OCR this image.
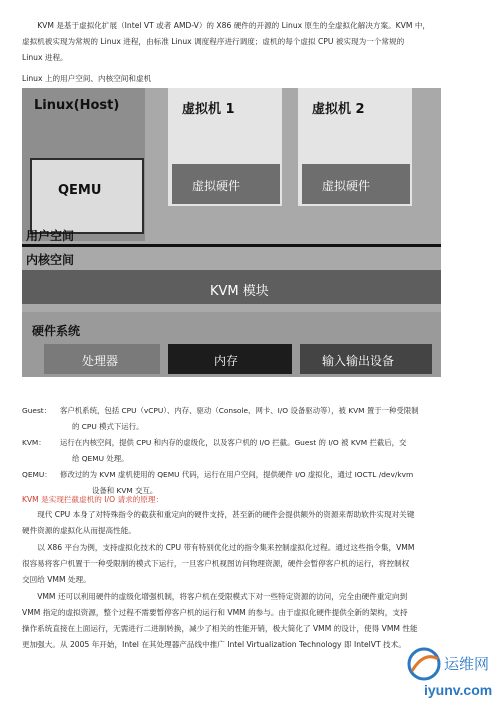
KVM 是基于虚拟化扩展（Intel VT 或者 AMD-V）的 X86 硬件的开源的 Linux 原生的全虚拟化解决方案。KVM 中，
虚拟机被实现为常规的 Linux 进程，由标准 Linux 调度程序进行调度；虚机的每个虚拟 CPU 被实现为一个常规的
Linux 进程。
Linux 上的用户空间、内核空间和虚机
Linux(Host)
QEMU
虚拟机 1
虚拟硬件
虚拟机 2
虚拟硬件
用户空间
内核空间
KVM 模块
硬件系统
处理器	内存	输入输出设备
Guest：	客户机系统，包括 CPU（vCPU）、内存、驱动（Console、网卡、I/O 设备驱动等），被 KVM 置于一种受限制
的 CPU 模式下运行。
KVM：	运行在内核空间，提供 CPU 和内存的虚级化，以及客户机的 I/O 拦截。Guest 的 I/O 被 KVM 拦截后，交
给 QEMU 处理。
QEMU：	修改过的为 KVM 虚机使用的 QEMU 代码，运行在用户空间，提供硬件 I/O 虚拟化，通过 IOCTL /dev/kvm
设备和 KVM 交互。
KVM 是实现拦截虚机的 I/O 请求的原理：
现代 CPU 本身了对特殊指令的截获和重定向的硬件支持，甚至新的硬件会提供额外的资源来帮助软件实现对关键
硬件资源的虚拟化从而提高性能。
以 X86 平台为例，支持虚拟化技术的 CPU 带有特别优化过的指令集来控制虚拟化过程。通过这些指令集，VMM
很容易将客户机置于一种受限制的模式下运行，一旦客户机视图访问物理资源，硬件会暂停客户机的运行，将控制权
交回给 VMM 处理。
VMM 还可以利用硬件的虚级化增强机制，将客户机在受限模式下对一些特定资源的访问，完全由硬件重定向到
VMM 指定的虚拟资源，整个过程不需要暂停客户机的运行和 VMM 的参与。由于虚拟化硬件提供全新的架构，支持
操作系统直接在上面运行，无需进行二进制转换，减少了相关的性能开销，极大简化了 VMM 的设计，使得 VMM 性能
更加强大。从 2005 年开始，Intel 在其处理器产品线中推广 Intel Virtualization Technology 即 IntelVT 技术。
运维网
iyunv.com
